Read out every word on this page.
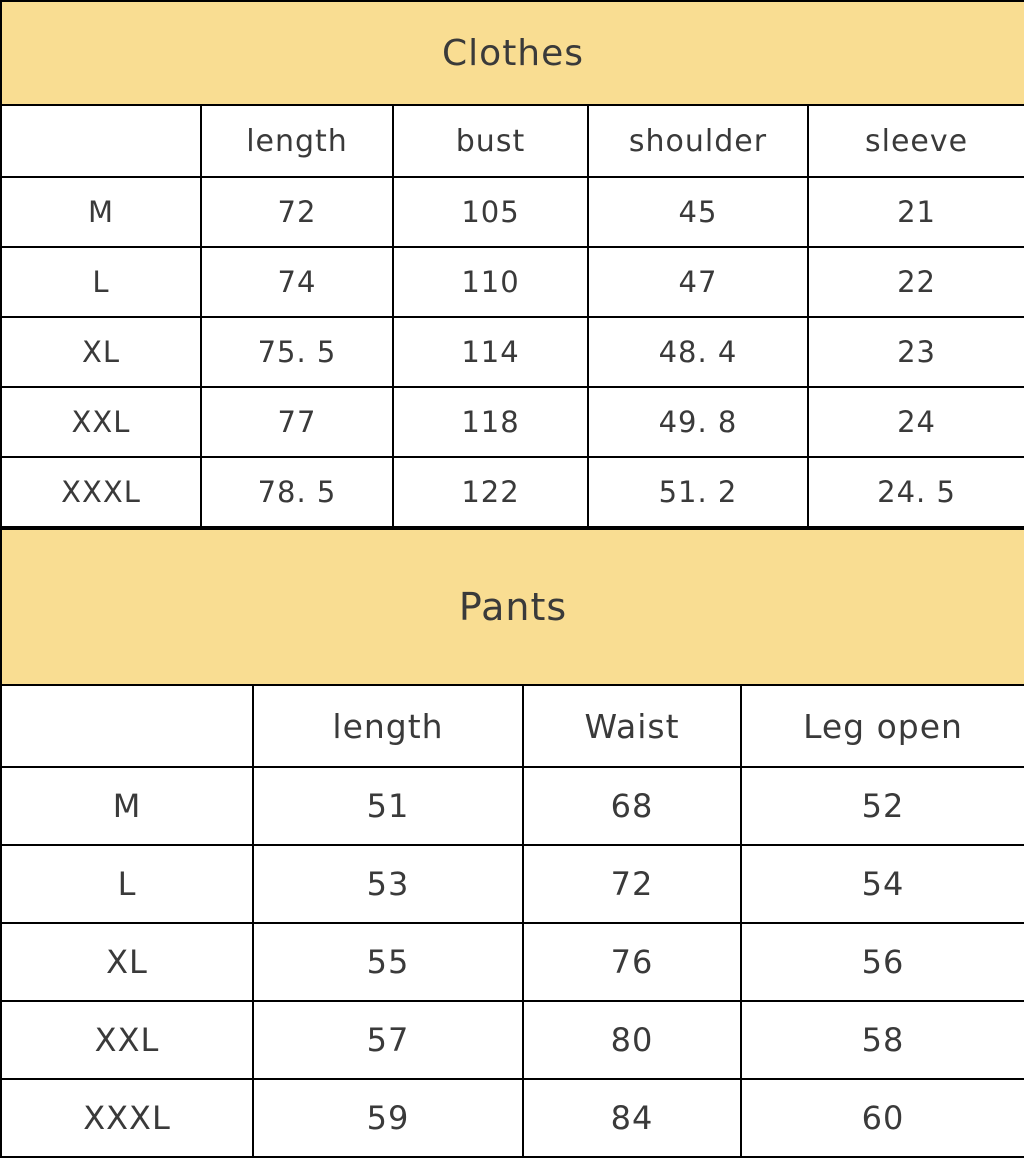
Clothes				
	length	bust	shoulder	sleeve
M	72	105	45	21
L	74	110	47	22
XL	75. 5	114	48. 4	23
XXL	77	118	49. 8	24
XXXL	78. 5	122	51. 2	24. 5
Pants			
	length	Waist	Leg open
M	51	68	52
L	53	72	54
XL	55	76	56
XXL	57	80	58
XXXL	59	84	60
